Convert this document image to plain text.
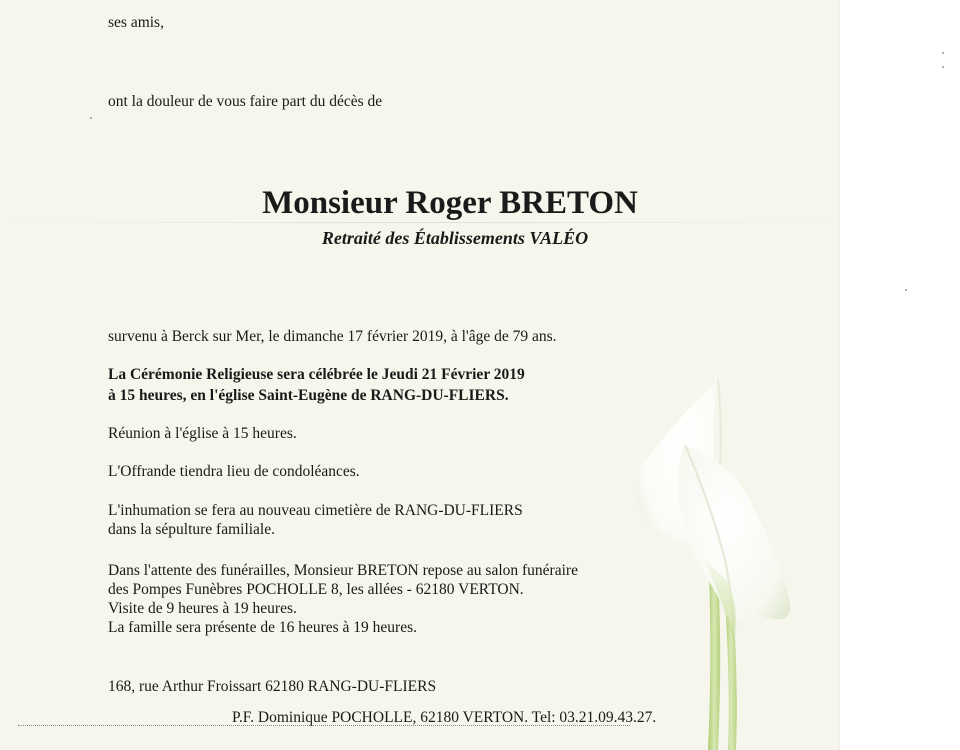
ses amis,
ont la douleur de vous faire part du décès de
Monsieur Roger BRETON
Retraité des Établissements VALÉO
survenu à Berck sur Mer, le dimanche 17 février 2019, à l'âge de 79 ans.
La Cérémonie Religieuse sera célébrée le Jeudi 21 Février 2019
à 15 heures, en l'église Saint-Eugène de RANG-DU-FLIERS.
Réunion à l'église à 15 heures.
L'Offrande tiendra lieu de condoléances.
L'inhumation se fera au nouveau cimetière de RANG-DU-FLIERS
dans la sépulture familiale.
Dans l'attente des funérailles, Monsieur BRETON repose au salon funéraire
des Pompes Funèbres POCHOLLE 8, les allées - 62180 VERTON.
Visite de 9 heures à 19 heures.
La famille sera présente de 16 heures à 19 heures.
168, rue Arthur Froissart 62180 RANG-DU-FLIERS
P.F. Dominique POCHOLLE, 62180 VERTON. Tel: 03.21.09.43.27.
